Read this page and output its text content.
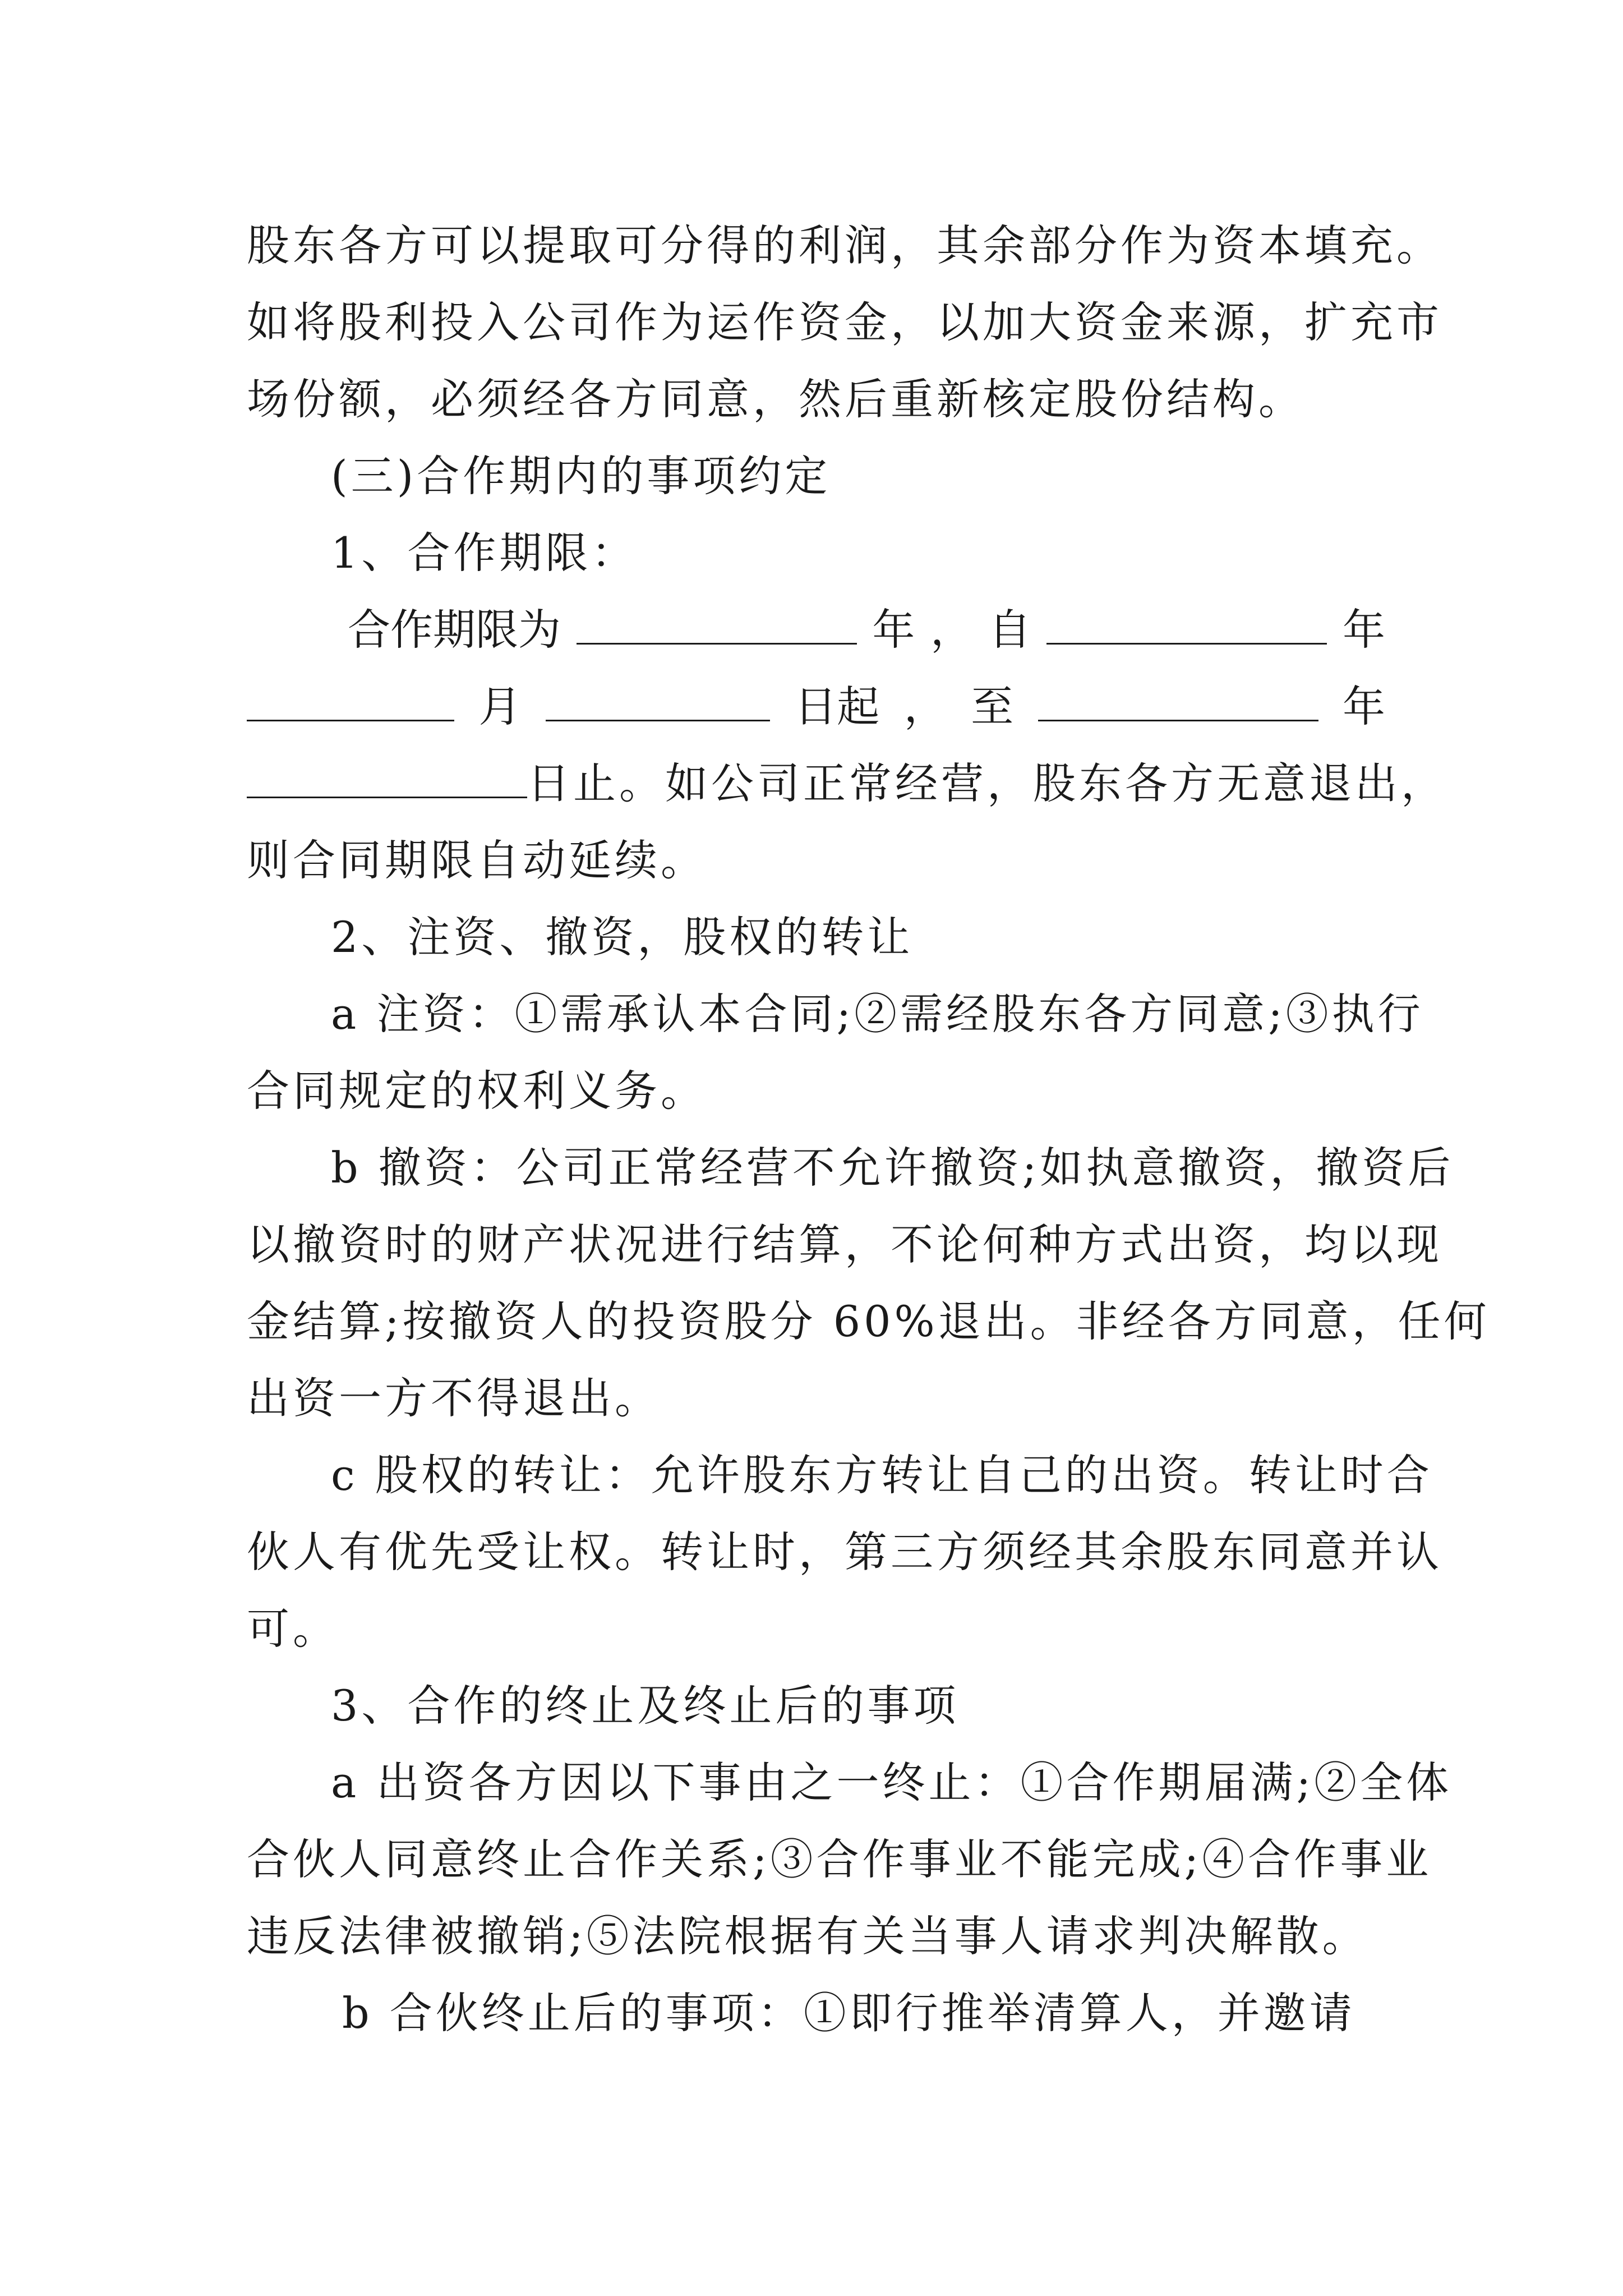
股东各方可以提取可分得的利润，其余部分作为资本填充。
如将股利投入公司作为运作资金，以加大资金来源，扩充市
场份额，必须经各方同意，然后重新核定股份结构。
(三)合作期内的事项约定
1、合作期限：
合作期限为	年 ， 自	年
月	日起 ， 至	年
日止。如公司正常经营，股东各方无意退出，
则合同期限自动延续。
2、注资、撤资，股权的转让
a 注资：①需承认本合同;②需经股东各方同意;③执行
合同规定的权利义务。
b 撤资：公司正常经营不允许撤资;如执意撤资，撤资后
以撤资时的财产状况进行结算，不论何种方式出资，均以现
金结算;按撤资人的投资股分 60%退出。非经各方同意，任何
出资一方不得退出。
c 股权的转让：允许股东方转让自己的出资。转让时合
伙人有优先受让权。转让时，第三方须经其余股东同意并认
可。
3、合作的终止及终止后的事项
a 出资各方因以下事由之一终止：①合作期届满;②全体
合伙人同意终止合作关系;③合作事业不能完成;④合作事业
违反法律被撤销;⑤法院根据有关当事人请求判决解散。
b 合伙终止后的事项：①即行推举清算人，并邀请
